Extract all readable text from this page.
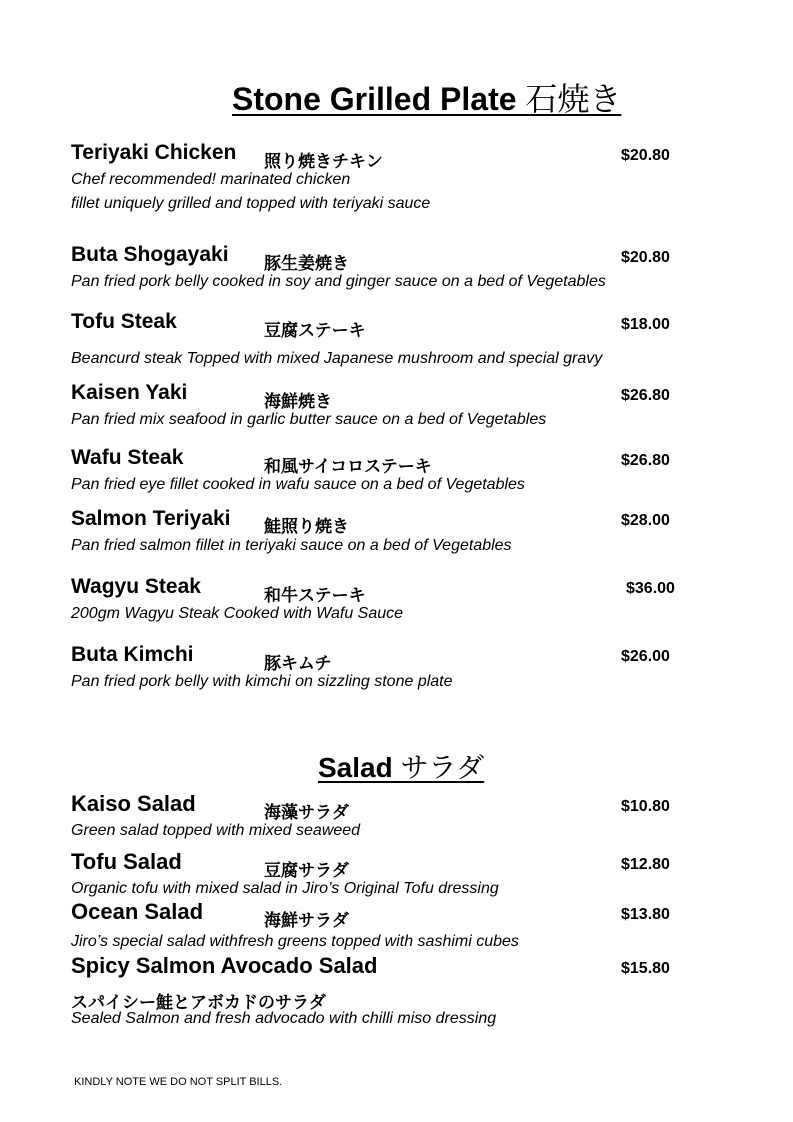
Stone Grilled Plate 石焼き
Salad サラダ
Teriyaki Chicken 照り焼きチキン	$20.80
Chef recommended! marinated chicken
fillet uniquely grilled and topped with teriyaki sauce
Buta Shogayaki 豚生姜焼き	$20.80
Pan fried pork belly cooked in soy and ginger sauce on a bed of Vegetables
Tofu Steak	豆腐ステーキ	$18.00
Beancurd steak Topped with mixed Japanese mushroom and special gravy
Kaisen Yaki	海鮮焼き	$26.80
Pan fried mix seafood in garlic butter sauce on a bed of Vegetables
Wafu Steak	和風サイコロステーキ	$26.80
Pan fried eye fillet cooked in wafu sauce on a bed of Vegetables
Salmon Teriyaki 鮭照り焼き	$28.00
Pan fried salmon fillet in teriyaki sauce on a bed of Vegetables
Wagyu Steak	和牛ステーキ	$36.00
200gm Wagyu Steak Cooked with Wafu Sauce
Buta Kimchi	豚キムチ	$26.00
Pan fried pork belly with kimchi on sizzling stone plate
Kaiso Salad	海藻サラダ	$10.80
Green salad topped with mixed seaweed
Tofu Salad	豆腐サラダ	$12.80
Organic tofu with mixed salad in Jiro’s Original Tofu dressing
Ocean Salad	海鮮サラダ	$13.80
Jiro’s special salad withfresh greens topped with sashimi cubes
Spicy Salmon Avocado Salad	$15.80
スパイシー鮭とアボカドのサラダ
Sealed Salmon and fresh advocado with chilli miso dressing
KINDLY NOTE WE DO NOT SPLIT BILLS.
